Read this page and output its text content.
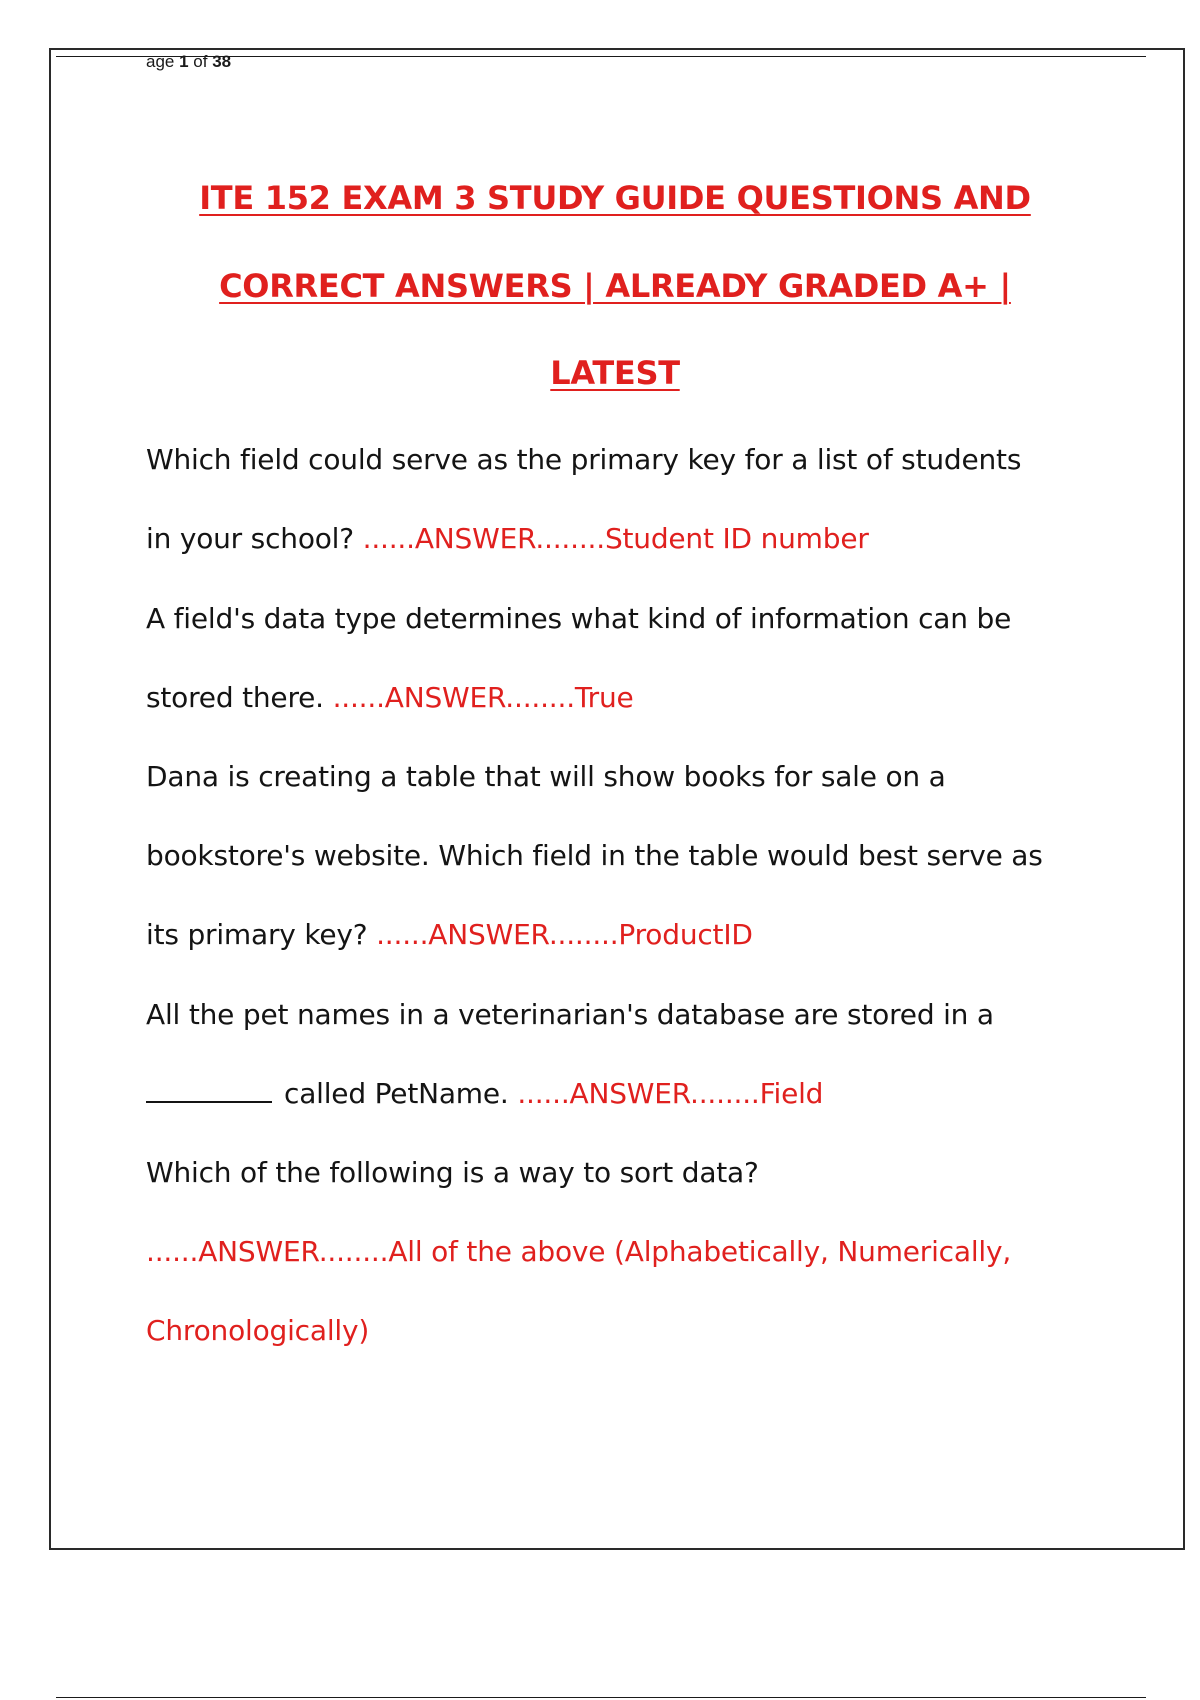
age 1 of 38
ITE 152 EXAM 3 STUDY GUIDE QUESTIONS AND
CORRECT ANSWERS | ALREADY GRADED A+ |
LATEST
Which field could serve as the primary key for a list of students
in your school? ......ANSWER........Student ID number
A field's data type determines what kind of information can be
stored there. ......ANSWER........True
Dana is creating a table that will show books for sale on a
bookstore's website. Which field in the table would best serve as
its primary key? ......ANSWER........ProductID
All the pet names in a veterinarian's database are stored in a
called PetName. ......ANSWER........Field
Which of the following is a way to sort data?
......ANSWER........All of the above (Alphabetically, Numerically,
Chronologically)
